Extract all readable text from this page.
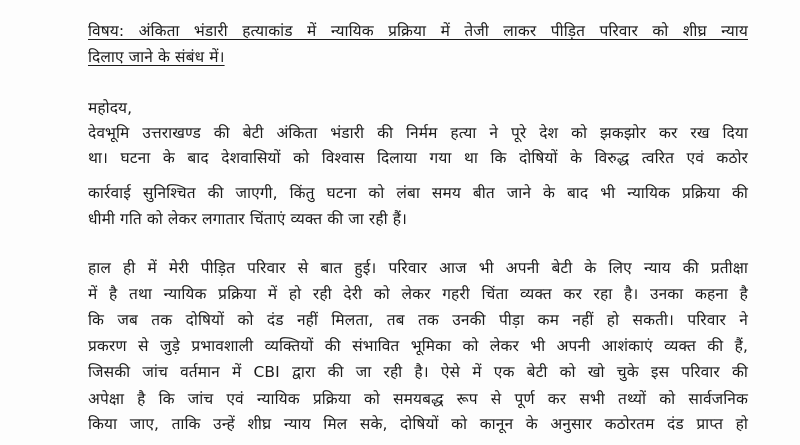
विषय: अंकिता भंडारी हत्याकांड में न्यायिक प्रक्रिया में तेजी लाकर पीड़ित परिवार को शीघ्र न्याय
दिलाए जाने के संबंध में।
महोदय,
देवभूमि उत्तराखण्ड की बेटी अंकिता भंडारी की निर्मम हत्या ने पूरे देश को झकझोर कर रख दिया
था। घटना के बाद देशवासियों को विश्वास दिलाया गया था कि दोषियों के विरुद्ध त्वरित एवं कठोर
कार्रवाई सुनिश्चित की जाएगी, किंतु घटना को लंबा समय बीत जाने के बाद भी न्यायिक प्रक्रिया की
धीमी गति को लेकर लगातार चिंताएं व्यक्त की जा रही हैं।
हाल ही में मेरी पीड़ित परिवार से बात हुई। परिवार आज भी अपनी बेटी के लिए न्याय की प्रतीक्षा
में है तथा न्यायिक प्रक्रिया में हो रही देरी को लेकर गहरी चिंता व्यक्त कर रहा है। उनका कहना है
कि जब तक दोषियों को दंड नहीं मिलता, तब तक उनकी पीड़ा कम नहीं हो सकती। परिवार ने
प्रकरण से जुड़े प्रभावशाली व्यक्तियों की संभावित भूमिका को लेकर भी अपनी आशंकाएं व्यक्त की हैं,
जिसकी जांच वर्तमान में CBI द्वारा की जा रही है। ऐसे में एक बेटी को खो चुके इस परिवार की
अपेक्षा है कि जांच एवं न्यायिक प्रक्रिया को समयबद्ध रूप से पूर्ण कर सभी तथ्यों को सार्वजनिक
किया जाए, ताकि उन्हें शीघ्र न्याय मिल सके, दोषियों को कानून के अनुसार कठोरतम दंड प्राप्त हो
